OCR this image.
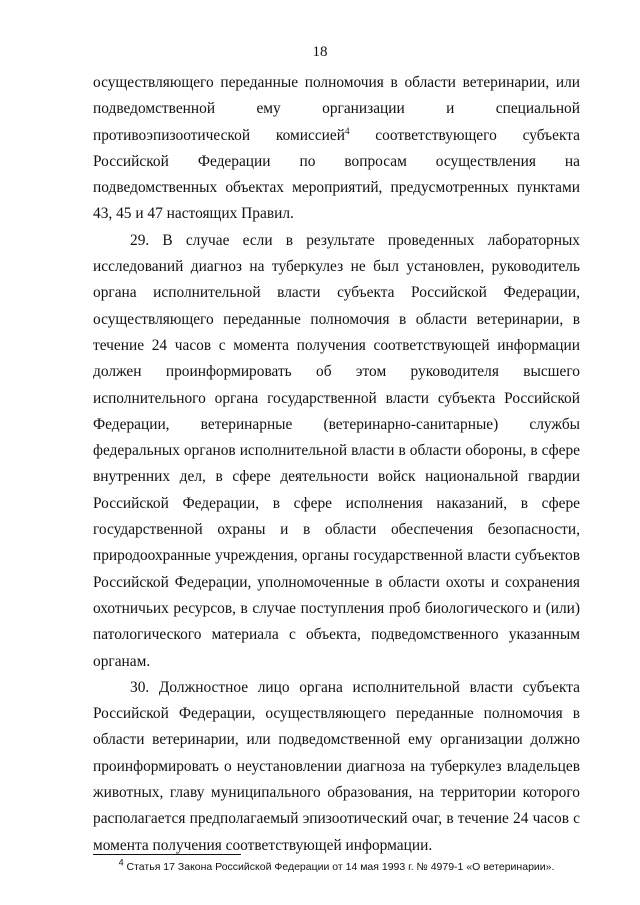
18

осуществляющего переданные полномочия в области ветеринарии, или подведомственной ему организации и специальной противоэпизоотической комиссией$^4$ соответствующего субъекта Российской Федерации по вопросам осуществления на подведомственных объектах мероприятий, предусмотренных пунктами 43, 45 и 47 настоящих Правил.

29. В случае если в результате проведенных лабораторных исследований диагноз на туберкулез не был установлен, руководитель органа исполнительной власти субъекта Российской Федерации, осуществляющего переданные полномочия в области ветеринарии, в течение 24 часов с момента получения соответствующей информации должен проинформировать об этом руководителя высшего исполнительного органа государственной власти субъекта Российской Федерации, ветеринарные (ветеринарно-санитарные) службы федеральных органов исполнительной власти в области обороны, в сфере внутренних дел, в сфере деятельности войск национальной гвардии Российской Федерации, в сфере исполнения наказаний, в сфере государственной охраны и в области обеспечения безопасности, природоохранные учреждения, органы государственной власти субъектов Российской Федерации, уполномоченные в области охоты и сохранения охотничьих ресурсов, в случае поступления проб биологического и (или) патологического материала с объекта, подведомственного указанным органам.

30. Должностное лицо органа исполнительной власти субъекта Российской Федерации, осуществляющего переданные полномочия в области ветеринарии, или подведомственной ему организации должно проинформировать о неустановлении диагноза на туберкулез владельцев животных, главу муниципального образования, на территории которого располагается предполагаемый эпизоотический очаг, в течение 24 часов с момента получения соответствующей информации.

$^4$ Статья 17 Закона Российской Федерации от 14 мая 1993 г. № 4979-1 «О ветеринарии».
